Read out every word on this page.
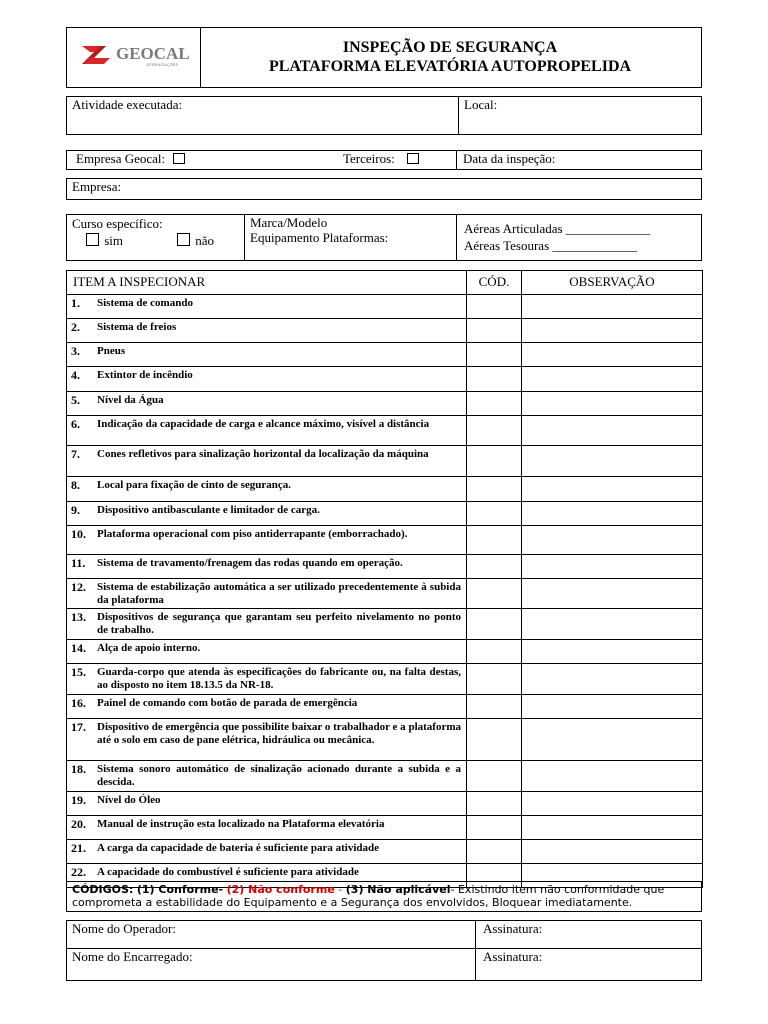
GEOCAL
GERENCIAÇÕES
INSPEÇÃO DE SEGURANÇA
PLATAFORMA ELEVATÓRIA AUTOPROPELIDA
Atividade executada:	Local:
Empresa Geocal:	Terceiros:	Data da inspeção:
Empresa:
Curso específico:
sim	não
Marca/Modelo
Equipamento Plataformas:
Aéreas Articuladas _____________
Aéreas Tesouras _____________
ITEM A INSPECIONAR	CÓD.	OBSERVAÇÃO

1. Sistema de comando		

2. Sistema de freios		

3. Pneus		

4. Extintor de incêndio		

5. Nível da Água		

6. Indicação da capacidade de carga e alcance máximo, visível a distância		

7. Cones refletivos para sinalização horizontal da localização da máquina		

8. Local para fixação de cinto de segurança.		

9. Dispositivo antibasculante e limitador de carga.		

10. Plataforma operacional com piso antiderrapante (emborrachado).		

11. Sistema de travamento/frenagem das rodas quando em operação.		

12. Sistema de estabilização automática a ser utilizado precedentemente à subida da plataforma		

13. Dispositivos de segurança que garantam seu perfeito nivelamento no ponto de trabalho.		

14. Alça de apoio interno.		

15. Guarda-corpo que atenda às especificações do fabricante ou, na falta destas, ao disposto no item 18.13.5 da NR-18.		

16. Painel de comando com botão de parada de emergência		

17. Dispositivo de emergência que possibilite baixar o trabalhador e a plataforma até o solo em caso de pane elétrica, hidráulica ou mecânica.		

18. Sistema sonoro automático de sinalização acionado durante a subida e a descida.		

19. Nível do Óleo		

20. Manual de instrução esta localizado na Plataforma elevatória		

21. A carga da capacidade de bateria é suficiente para atividade		

22. A capacidade do combustível é suficiente para atividade		

CÓDIGOS: (1) Conforme- (2) Não conforme - (3) Não aplicável- Existindo item não conformidade que comprometa a estabilidade do Equipamento e a Segurança dos envolvidos, Bloquear imediatamente.
Nome do Operador:	Assinatura:
Nome do Encarregado:	Assinatura:
